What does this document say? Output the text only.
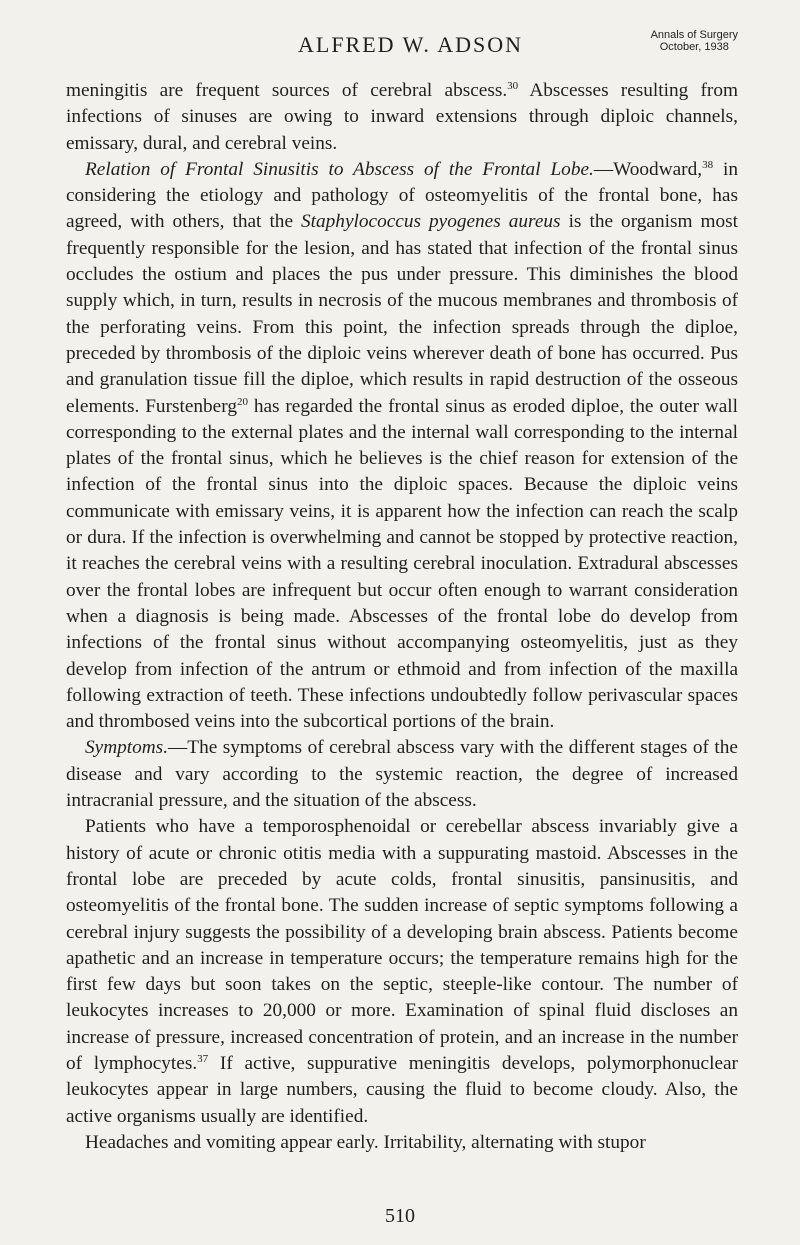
ALFRED W. ADSON	Annals of Surgery
October, 1938

meningitis are frequent sources of cerebral abscess.$^{30}$ Abscesses resulting from infections of sinuses are owing to inward extensions through diploic channels, emissary, dural, and cerebral veins.

Relation of Frontal Sinusitis to Abscess of the Frontal Lobe.—Woodward,$^{38}$ in considering the etiology and pathology of osteomyelitis of the frontal bone, has agreed, with others, that the Staphylococcus pyogenes aureus is the organism most frequently responsible for the lesion, and has stated that infection of the frontal sinus occludes the ostium and places the pus under pressure. This diminishes the blood supply which, in turn, results in necrosis of the mucous membranes and thrombosis of the perforating veins. From this point, the infection spreads through the diploe, preceded by thrombosis of the diploic veins wherever death of bone has occurred. Pus and granulation tissue fill the diploe, which results in rapid destruction of the osseous elements. Furstenberg$^{20}$ has regarded the frontal sinus as eroded diploe, the outer wall corresponding to the external plates and the internal wall corresponding to the internal plates of the frontal sinus, which he believes is the chief reason for extension of the infection of the frontal sinus into the diploic spaces. Because the diploic veins communicate with emissary veins, it is apparent how the infection can reach the scalp or dura. If the infection is overwhelming and cannot be stopped by protective reaction, it reaches the cerebral veins with a resulting cerebral inoculation. Extradural abscesses over the frontal lobes are infrequent but occur often enough to warrant consideration when a diagnosis is being made. Abscesses of the frontal lobe do develop from infections of the frontal sinus without accompanying osteomyelitis, just as they develop from infection of the antrum or ethmoid and from infection of the maxilla following extraction of teeth. These infections undoubtedly follow perivascular spaces and thrombosed veins into the subcortical portions of the brain.

Symptoms.—The symptoms of cerebral abscess vary with the different stages of the disease and vary according to the systemic reaction, the degree of increased intracranial pressure, and the situation of the abscess.

Patients who have a temporosphenoidal or cerebellar abscess invariably give a history of acute or chronic otitis media with a suppurating mastoid. Abscesses in the frontal lobe are preceded by acute colds, frontal sinusitis, pansinusitis, and osteomyelitis of the frontal bone. The sudden increase of septic symptoms following a cerebral injury suggests the possibility of a developing brain abscess. Patients become apathetic and an increase in temperature occurs; the temperature remains high for the first few days but soon takes on the septic, steeple-like contour. The number of leukocytes increases to 20,000 or more. Examination of spinal fluid discloses an increase of pressure, increased concentration of protein, and an increase in the number of lymphocytes.$^{37}$ If active, suppurative meningitis develops, polymorphonuclear leukocytes appear in large numbers, causing the fluid to become cloudy. Also, the active organisms usually are identified.

Headaches and vomiting appear early. Irritability, alternating with stupor

510
